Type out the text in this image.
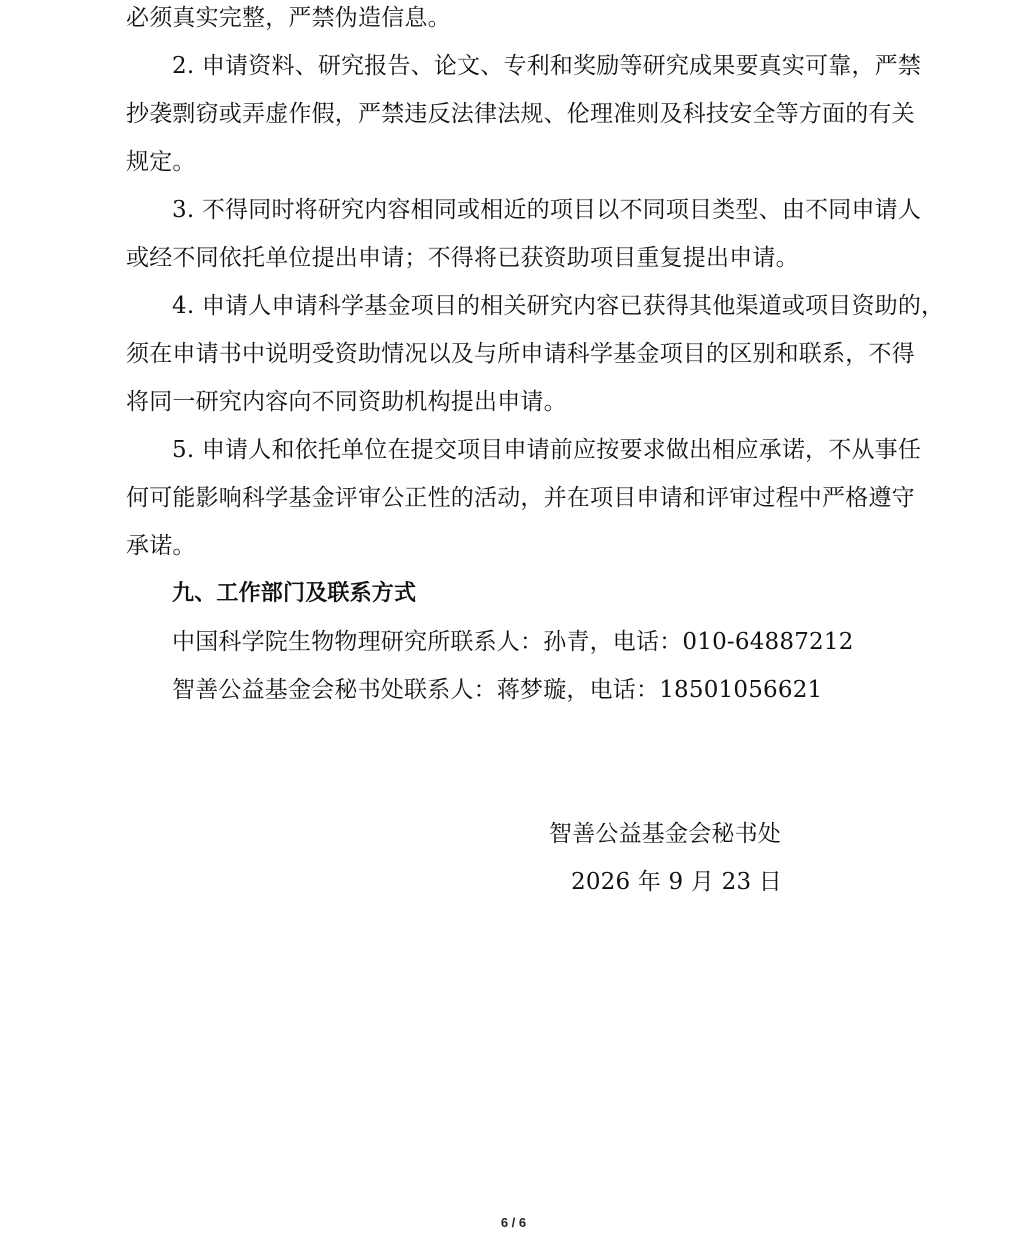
必须真实完整，严禁伪造信息。
2. 申请资料、研究报告、论文、专利和奖励等研究成果要真实可靠，严禁
抄袭剽窃或弄虚作假，严禁违反法律法规、伦理准则及科技安全等方面的有关
规定。
3. 不得同时将研究内容相同或相近的项目以不同项目类型、由不同申请人
或经不同依托单位提出申请；不得将已获资助项目重复提出申请。
4. 申请人申请科学基金项目的相关研究内容已获得其他渠道或项目资助的，
须在申请书中说明受资助情况以及与所申请科学基金项目的区别和联系，不得
将同一研究内容向不同资助机构提出申请。
5. 申请人和依托单位在提交项目申请前应按要求做出相应承诺，不从事任
何可能影响科学基金评审公正性的活动，并在项目申请和评审过程中严格遵守
承诺。
九、工作部门及联系方式
中国科学院生物物理研究所联系人：孙青，电话：010-64887212
智善公益基金会秘书处联系人：蒋梦璇，电话：18501056621
智善公益基金会秘书处
2026 年 9 月 23 日
6 / 6
